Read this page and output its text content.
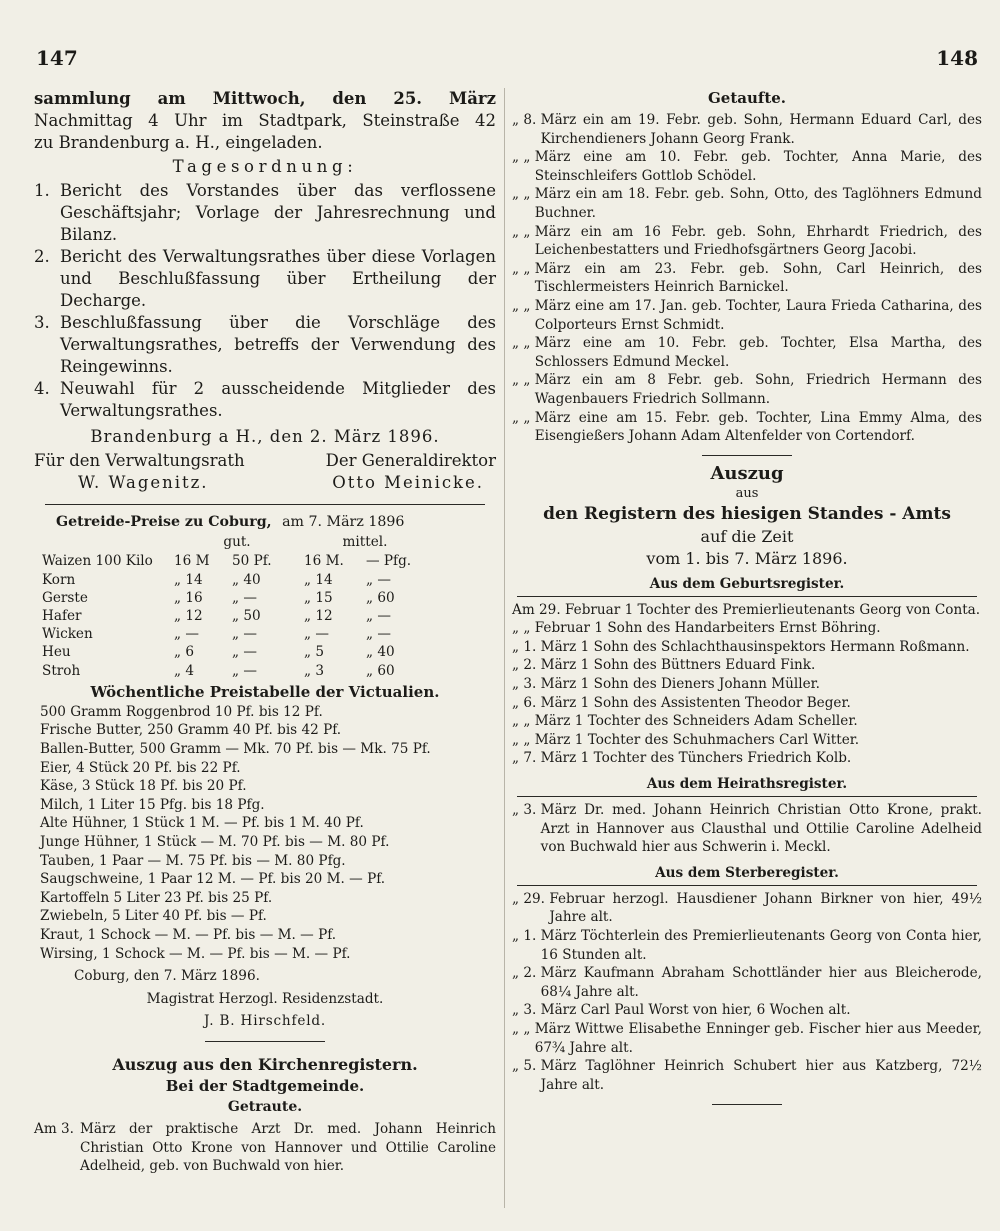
147	148
sammlung am Mittwoch, den 25. März
Nachmittag 4 Uhr im Stadtpark, Steinstraße 42
zu Brandenburg a. H., eingeladen.
Tagesordnung:
1. Bericht des Vorstandes über das verflossene Geschäftsjahr; Vorlage der Jahresrechnung und Bilanz.
2. Bericht des Verwaltungsrathes über diese Vorlagen und Beschlußfassung über Ertheilung der Decharge.
3. Beschlußfassung über die Vorschläge des Verwaltungsrathes, betreffs der Verwendung des Reingewinns.
4. Neuwahl für 2 ausscheidende Mitglieder des Verwaltungsrathes.
Brandenburg a H., den 2. März 1896.
Für den Verwaltungsrath	Der Generaldirektor
W. Wagenitz.	Otto Meinicke.
Getreide-Preise zu Coburg, am 7. März 1896
	gut.		mittel.	
Waizen 100 Kilo	16 M	50 Pf.	16 M.	— Pfg.
Korn	„ 14	„ 40	„ 14	„ —
Gerste	„ 16	„ —	„ 15	„ 60
Hafer	„ 12	„ 50	„ 12	„ —
Wicken	„ —	„ —	„ —	„ —
Heu	„ 6	„ —	„ 5	„ 40
Stroh	„ 4	„ —	„ 3	„ 60
Wöchentliche Preistabelle der Victualien.
500 Gramm Roggenbrod 10 Pf. bis 12 Pf.
Frische Butter, 250 Gramm 40 Pf. bis 42 Pf.
Ballen-Butter, 500 Gramm — Mk. 70 Pf. bis — Mk. 75 Pf.
Eier, 4 Stück 20 Pf. bis 22 Pf.
Käse, 3 Stück 18 Pf. bis 20 Pf.
Milch, 1 Liter 15 Pfg. bis 18 Pfg.
Alte Hühner, 1 Stück 1 M. — Pf. bis 1 M. 40 Pf.
Junge Hühner, 1 Stück — M. 70 Pf. bis — M. 80 Pf.
Tauben, 1 Paar — M. 75 Pf. bis — M. 80 Pfg.
Saugschweine, 1 Paar 12 M. — Pf. bis 20 M. — Pf.
Kartoffeln 5 Liter 23 Pf. bis 25 Pf.
Zwiebeln, 5 Liter 40 Pf. bis — Pf.
Kraut, 1 Schock — M. — Pf. bis — M. — Pf.
Wirsing, 1 Schock — M. — Pf. bis — M. — Pf.
Coburg, den 7. März 1896.
Magistrat Herzogl. Residenzstadt.
J. B. Hirschfeld.
Auszug aus den Kirchenregistern.
Bei der Stadtgemeinde.
Getraute.
Am 3. März der praktische Arzt Dr. med. Johann Heinrich Christian Otto Krone von Hannover und Ottilie Caroline Adelheid, geb. von Buchwald von hier.
Getaufte.
„ 8. März ein am 19. Febr. geb. Sohn, Hermann Eduard Carl, des Kirchendieners Johann Georg Frank.
„ „ März eine am 10. Febr. geb. Tochter, Anna Marie, des Steinschleifers Gottlob Schödel.
„ „ März ein am 18. Febr. geb. Sohn, Otto, des Taglöhners Edmund Buchner.
„ „ März ein am 16 Febr. geb. Sohn, Ehrhardt Friedrich, des Leichenbestatters und Friedhofsgärtners Georg Jacobi.
„ „ März ein am 23. Febr. geb. Sohn, Carl Heinrich, des Tischlermeisters Heinrich Barnickel.
„ „ März eine am 17. Jan. geb. Tochter, Laura Frieda Catharina, des Colporteurs Ernst Schmidt.
„ „ März eine am 10. Febr. geb. Tochter, Elsa Martha, des Schlossers Edmund Meckel.
„ „ März ein am 8 Febr. geb. Sohn, Friedrich Hermann des Wagenbauers Friedrich Sollmann.
„ „ März eine am 15. Febr. geb. Tochter, Lina Emmy Alma, des Eisengießers Johann Adam Altenfelder von Cortendorf.
Auszug
aus
den Registern des hiesigen Standes - Amts
auf die Zeit
vom 1. bis 7. März 1896.
Aus dem Geburtsregister.
Am 29. Februar 1 Tochter des Premierlieutenants Georg von Conta.
„ „ Februar 1 Sohn des Handarbeiters Ernst Böhring.
„ 1. März 1 Sohn des Schlachthausinspektors Hermann Roßmann.
„ 2. März 1 Sohn des Büttners Eduard Fink.
„ 3. März 1 Sohn des Dieners Johann Müller.
„ 6. März 1 Sohn des Assistenten Theodor Beger.
„ „ März 1 Tochter des Schneiders Adam Scheller.
„ „ März 1 Tochter des Schuhmachers Carl Witter.
„ 7. März 1 Tochter des Tünchers Friedrich Kolb.
Aus dem Heirathsregister.
„ 3. März Dr. med. Johann Heinrich Christian Otto Krone, prakt. Arzt in Hannover aus Clausthal und Ottilie Caroline Adelheid von Buchwald hier aus Schwerin i. Meckl.
Aus dem Sterberegister.
„ 29. Februar herzogl. Hausdiener Johann Birkner von hier, 49½ Jahre alt.
„ 1. März Töchterlein des Premierlieutenants Georg von Conta hier, 16 Stunden alt.
„ 2. März Kaufmann Abraham Schottländer hier aus Bleicherode, 68¼ Jahre alt.
„ 3. März Carl Paul Worst von hier, 6 Wochen alt.
„ „ März Wittwe Elisabethe Enninger geb. Fischer hier aus Meeder, 67¾ Jahre alt.
„ 5. März Taglöhner Heinrich Schubert hier aus Katzberg, 72½ Jahre alt.
